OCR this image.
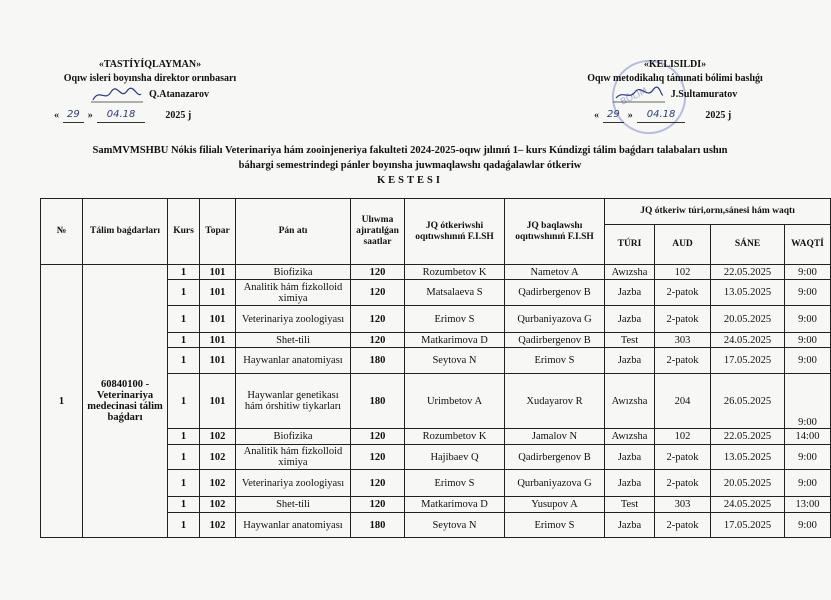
«TASTÍYÍQLAYMAN»
Oqıw isleri boyınsha direktor orınbasarı
Q.Atanazarov
« 29 »	04.18	2025 j
BÓLIM
«KELISILDI»
Oqıw metodikalıq támınati bólimi baslıǵı
J.Sultamuratov
« 29 »	04.18	2025 j
SamMVMSHBU Nókis filialı Veterinariya hám zooinjeneriya fakulteti 2024-2025-oqıw jılınıń 1– kurs Kúndizgi tálim baǵdarı talabaları ushın
báhargi semestrindegi pánler boyınsha juwmaqlawshı qadaǵalawlar ótkeriw
KESTESI
№	Tálim baǵdarları	Kurs	Topar	Pán atı	Ulıwma ajıratılǵan saatlar	JQ ótkeriwshi oqıtıwshınıń F.I.SH	JQ baqlawshı oqıtıwshınıń F.I.SH	JQ ótkeriw túri,ornı,sánesi hám waqtı			
								TÚRI	AUD	SÁNE	WAQTÍ
1	60840100 - Veterinariya medecinasi tálim baǵdarı	1	101	Biofizika	120	Rozumbetov K	Nametov A	Awızsha	102	22.05.2025	9:00
		1	101	Analitik hám fizkolloid ximiya	120	Matsalaeva S	Qadirbergenov B	Jazba	2-patok	13.05.2025	9:00
		1	101	Veterinariya zoologiyası	120	Erimov S	Qurbaniyazova G	Jazba	2-patok	20.05.2025	9:00
		1	101	Shet-tili	120	Matkarimova D	Qadirbergenov B	Test	303	24.05.2025	9:00
		1	101	Haywanlar anatomiyası	180	Seytova N	Erimov S	Jazba	2-patok	17.05.2025	9:00
		1	101	Haywanlar genetikası hám órshitiw tiykarları	180	Urimbetov A	Xudayarov R	Awızsha	204	26.05.2025	9:00
		1	102	Biofizika	120	Rozumbetov K	Jamalov N	Awızsha	102	22.05.2025	14:00
		1	102	Analitik hám fizkolloid ximiya	120	Hajibaev Q	Qadirbergenov B	Jazba	2-patok	13.05.2025	9:00
		1	102	Veterinariya zoologiyası	120	Erimov S	Qurbaniyazova G	Jazba	2-patok	20.05.2025	9:00
		1	102	Shet-tili	120	Matkarimova D	Yusupov A	Test	303	24.05.2025	13:00
		1	102	Haywanlar anatomiyası	180	Seytova N	Erimov S	Jazba	2-patok	17.05.2025	9:00
